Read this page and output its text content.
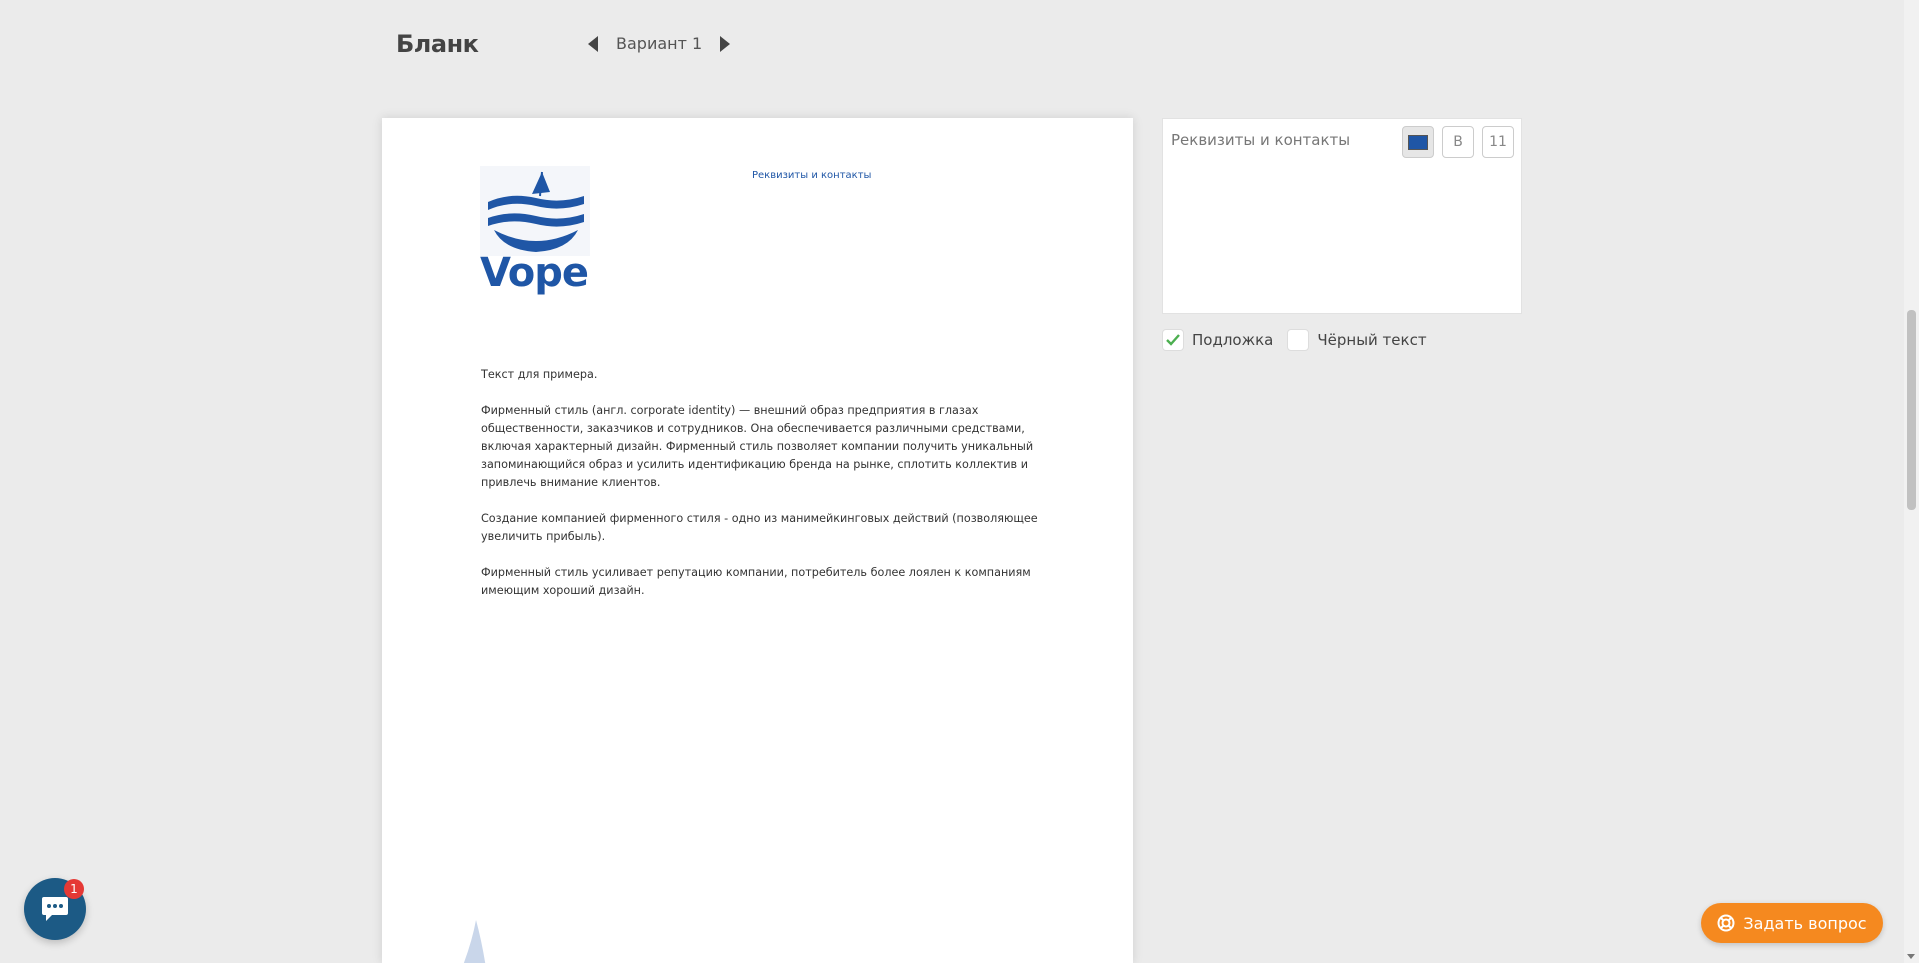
Бланк	Вариант 1
Vope
Реквизиты и контакты

Текст для примера.

Фирменный стиль (англ. corporate identity) — внешний образ предприятия в глазах общественности, заказчиков и сотрудников. Она обеспечивается различными средствами, включая характерный дизайн. Фирменный стиль позволяет компании получить уникальный запоминающийся образ и усилить идентификацию бренда на рынке, сплотить коллектив и привлечь внимание клиентов.

Создание компанией фирменного стиля - одно из манимейкинговых действий (позволяющее увеличить прибыль).

Фирменный стиль усиливает репутацию компании, потребитель более лоялен к компаниям имеющим хороший дизайн.

Реквизиты и контакты	B	11
Подложка	Чёрный текст
1
Задать вопрос
